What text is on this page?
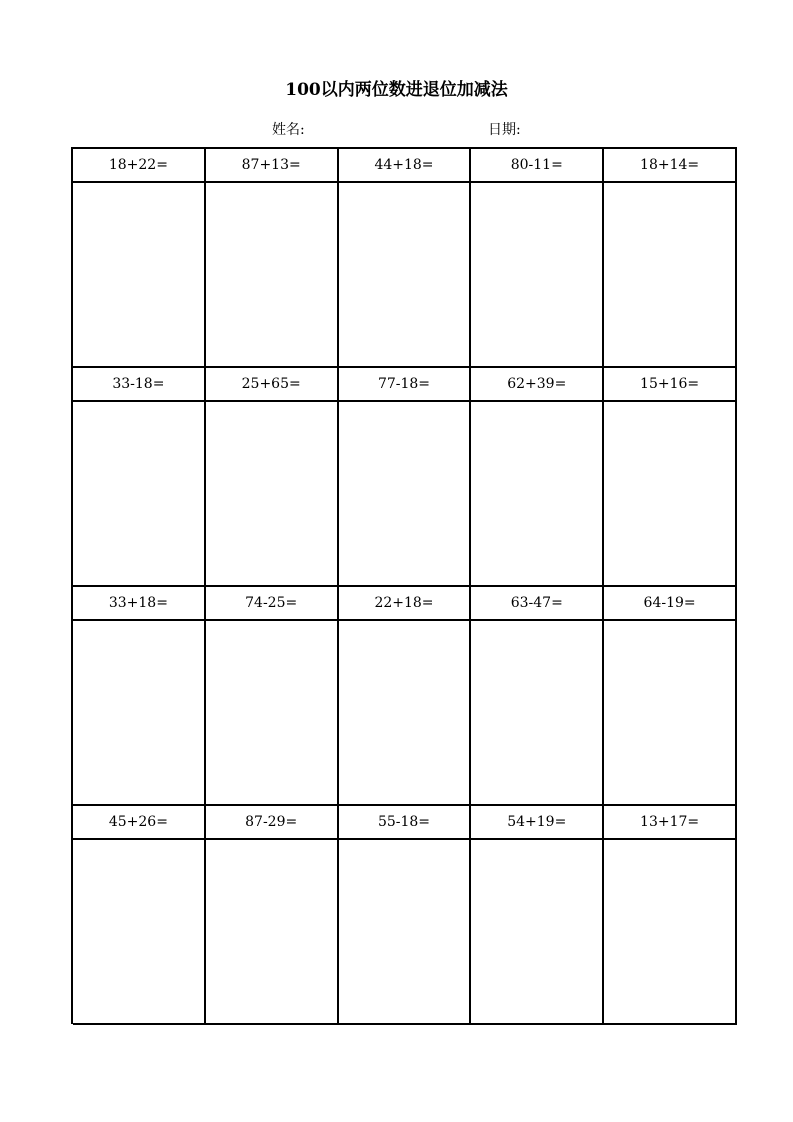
100以内两位数进退位加减法
姓名:	日期:
18+22=	87+13=	44+18=	80-11=	18+14=
33-18=	25+65=	77-18=	62+39=	15+16=
33+18=	74-25=	22+18=	63-47=	64-19=
45+26=	87-29=	55-18=	54+19=	13+17=
